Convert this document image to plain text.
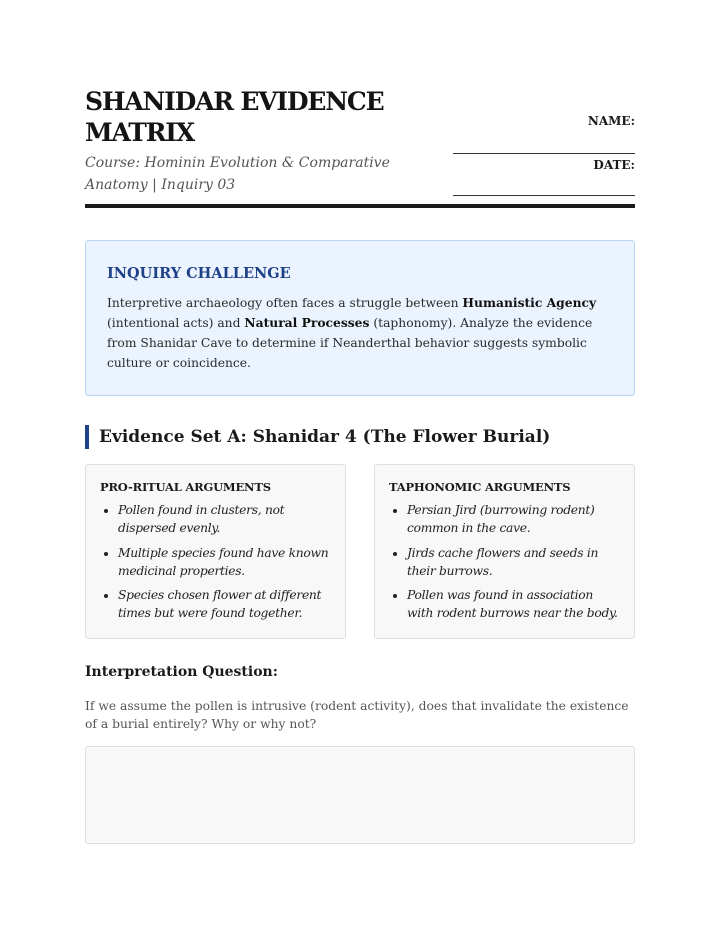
SHANIDAR EVIDENCE MATRIX

Course: Hominin Evolution & Comparative Anatomy | Inquiry 03

NAME:
DATE:
INQUIRY CHALLENGE

Interpretive archaeology often faces a struggle between Humanistic Agency (intentional acts) and Natural Processes (taphonomy). Analyze the evidence from Shanidar Cave to determine if Neanderthal behavior suggests symbolic culture or coincidence.

Evidence Set A: Shanidar 4 (The Flower Burial)
PRO-RITUAL ARGUMENTS
• Pollen found in clusters, not dispersed evenly.
• Multiple species found have known medicinal properties.
• Species chosen flower at different times but were found together.
TAPHONOMIC ARGUMENTS
• Persian Jird (burrowing rodent) common in the cave.
• Jirds cache flowers and seeds in their burrows.
• Pollen was found in association with rodent burrows near the body.
Interpretation Question:

If we assume the pollen is intrusive (rodent activity), does that invalidate the existence of a burial entirely? Why or why not?
